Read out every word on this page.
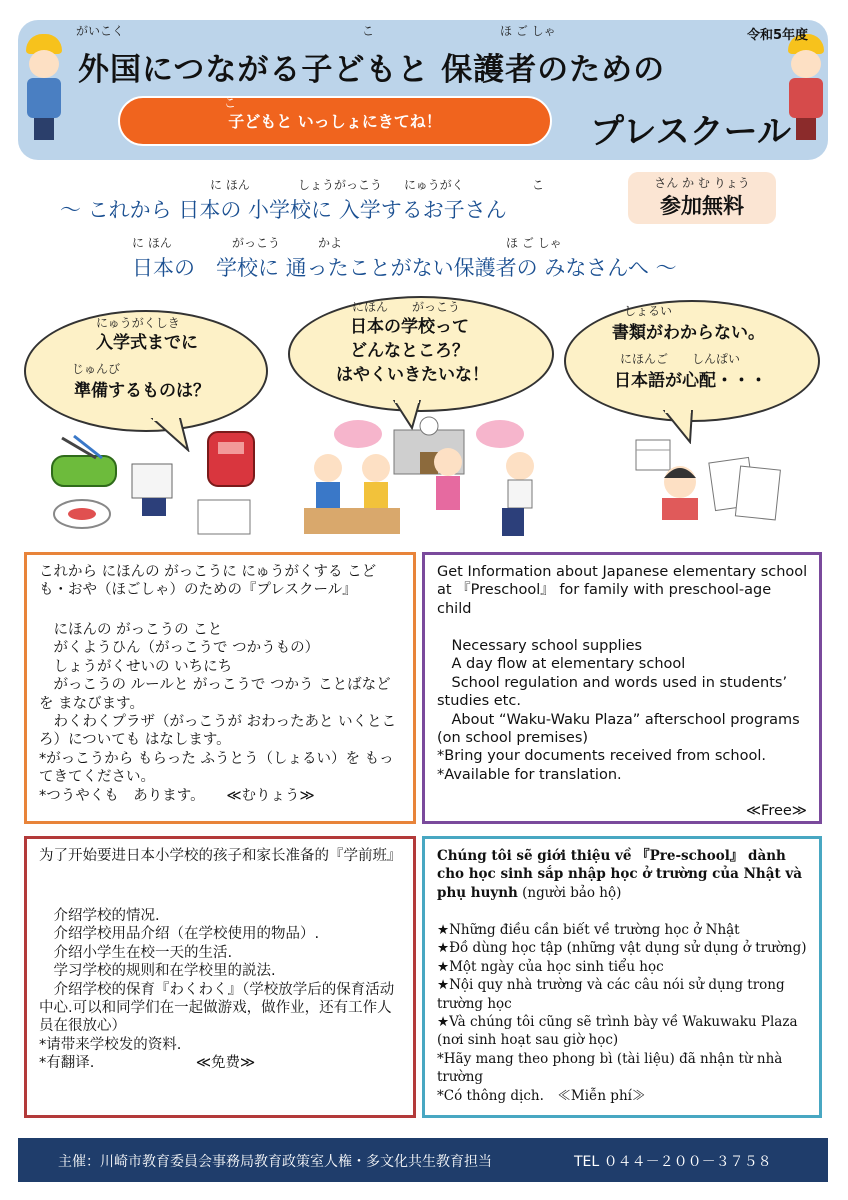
令和5年度
がいこく	こ	ほ ご しゃ
外国につながる子どもと 保護者のための
こ
子どもと いっしょにきてね！	プレスクール
に ほん	しょうがっこう にゅうがく	こ
～ これから 日本の 小学校に 入学するお子さん
に ほん	がっこう	かよ	ほ ご しゃ
日本の　学校に 通ったことがない保護者の みなさんへ ～
さん か む りょう
参加無料
にゅうがくしき
入学式までに
じゅんび
準備するものは？
にほん　　がっこう
日本の学校って
どんなところ？
はやくいきたいな！
しょるい
書類がわからない。
にほんご　　しんぱい
日本語が心配・・・
これから にほんの がっこうに にゅうがくする こども・おや（ほごしゃ）のための『プレスクール』
　にほんの がっこうの こと
　がくようひん（がっこうで つかうもの）
　しょうがくせいの いちにち
　がっこうの ルールと がっこうで つかう ことばなどを まなびます。
　わくわくプラザ（がっこうが おわったあと いくところ）についても はなします。
*がっこうから もらった ふうとう（しょるい）を もってきてください。
*つうやくも　あります。　　≪むりょう≫
Get Information about Japanese elementary school at 『Preschool』 for family with preschool-age child
　Necessary school supplies
　A day flow at elementary school
　School regulation and words used in students’　studies etc.
　About “Waku-Waku Plaza” afterschool programs (on school premises)
*Bring your documents received from school.
*Available for translation.
≪Free≫
为了开始要进日本小学校的孩子和家长准备的『学前班』
　介绍学校的情况.
　介绍学校用品介绍（在学校使用的物品）.
　介绍小学生在校一天的生活.
　学习学校的规则和在学校里的説法.
　介绍学校的保育『わくわく』（学校放学后的保育活动中心.可以和同学们在一起做游戏，做作业，还有工作人员在很放心）
*请带来学校发的资料.
*有翻译.　　　　　　　≪免费≫
Chúng tôi sẽ giới thiệu về 『Pre-school』 dành cho học sinh sắp nhập học ở trường của Nhật và phụ huynh (người bảo hộ)
★Những điều cần biết về trường học ở Nhật
★Đồ dùng học tập (những vật dụng sử dụng ở trường)
★Một ngày của học sinh tiểu học
★Nội quy nhà trường và các câu nói sử dụng trong trường học
★Và chúng tôi cũng sẽ trình bày về Wakuwaku Plaza (nơi sinh hoạt sau giờ học)
*Hãy mang theo phong bì (tài liệu) đã nhận từ nhà trường
*Có thông dịch.　≪Miễn phí≫
主催：川崎市教育委員会事務局教育政策室人権・多文化共生教育担当	TEL ０４４－２００－３７５８
